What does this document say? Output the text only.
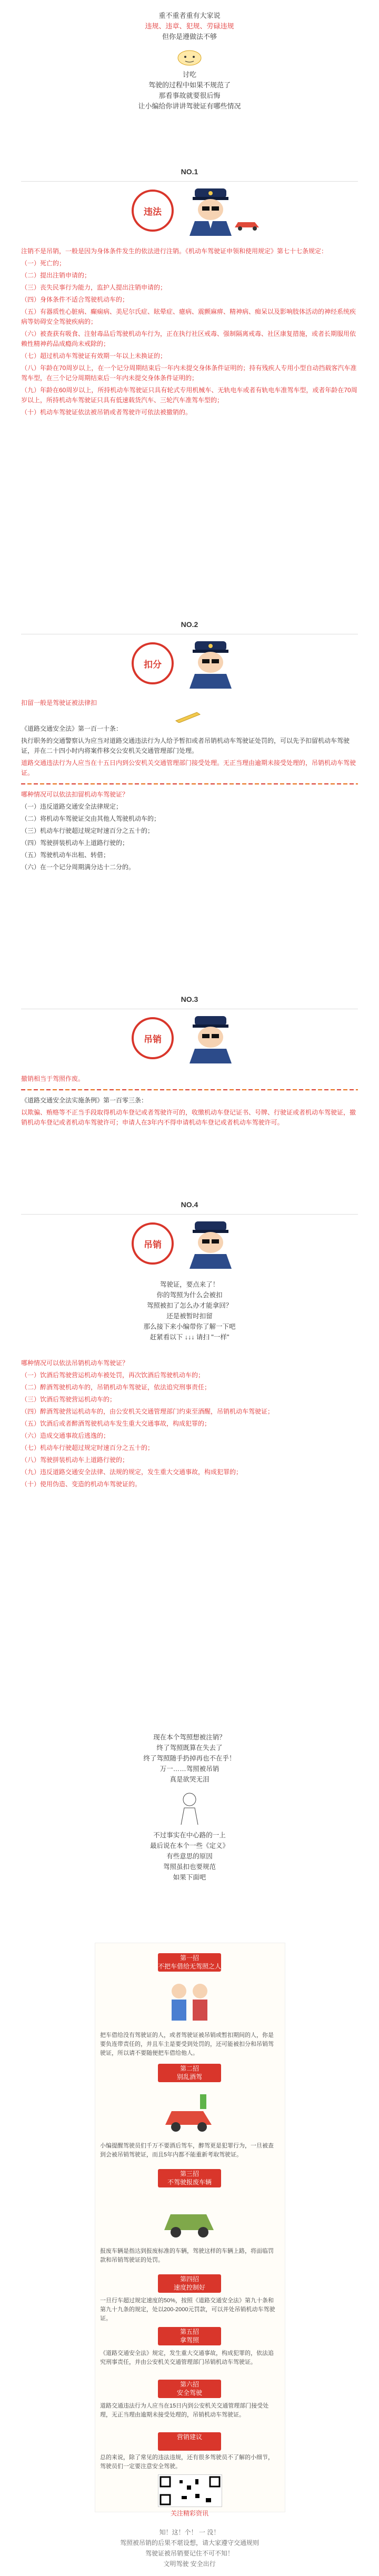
重不重者重有大家说
违规、违章、犯规、劳碌违规
但你是遵做法不够
讨吃
驾驶的过程中如果不规范了
那看事故就要很后悔
让小编给你讲讲驾驶证有哪些情况
NO.1
违法

注销不是吊销，一般是因为身体条件发生的依法进行注销。《机动车驾驶证申领和使用规定》第七十七条规定：

（一）死亡的；

（二）提出注销申请的；

（三）丧失民事行为能力，监护人提出注销申请的；

（四）身体条件不适合驾驶机动车的；

（五）有器质性心脏病、癫痫病、美尼尔氏症、眩晕症、癔病、震颤麻痹、精神病、痴呆以及影响肢体活动的神经系统疾病等妨碍安全驾驶疾病的；

（六）被查获有吸食、注射毒品后驾驶机动车行为，正在执行社区戒毒、强制隔离戒毒、社区康复措施，或者长期服用依赖性精神药品成瘾尚未戒除的；

（七）超过机动车驾驶证有效期一年以上未换证的；

（八）年龄在70周岁以上，在一个记分周期结束后一年内未提交身体条件证明的；持有残疾人专用小型自动挡载客汽车准驾车型，在三个记分周期结束后一年内未提交身体条件证明的；

（九）年龄在60周岁以上，所持机动车驾驶证只具有轮式专用机械车、无轨电车或者有轨电车准驾车型，或者年龄在70周岁以上，所持机动车驾驶证只具有低速载货汽车、三轮汽车准驾车型的；

（十）机动车驾驶证依法被吊销或者驾驶许可依法被撤销的。

NO.2
扣分

扣留一般是驾驶证被法律扣

《道路交通安全法》第一百一十条：

执行职务的交通警察认为应当对道路交通违法行为人给予暂扣或者吊销机动车驾驶证处罚的，可以先予扣留机动车驾驶证，并在二十四小时内将案件移交公安机关交通管理部门处理。

道路交通违法行为人应当在十五日内到公安机关交通管理部门接受处理。无正当理由逾期未接受处理的，吊销机动车驾驶证。

哪种情况可以依法扣留机动车驾驶证？

（一）违反道路交通安全法律规定；

（二）将机动车驾驶证交由其他人驾驶机动车的；

（三）机动车行驶超过规定时速百分之五十的；

（四）驾驶拼装机动车上道路行驶的；

（五）驾驶机动车出租、转借；

（六）在一个记分周期满分达十二分的。

NO.3
吊销

撤销相当于驾照作废。

《道路交通安全法实施条例》第一百零三条：

以欺骗、贿赂等不正当手段取得机动车登记或者驾驶许可的，收缴机动车登记证书、号牌、行驶证或者机动车驾驶证，撤销机动车登记或者机动车驾驶许可；申请人在3年内不得申请机动车登记或者机动车驾驶许可。

NO.4
吊销
驾驶证，要点来了！
你的驾照为什么会被扣
驾照被扣了怎么办才能拿回？
还是被暂时扣留
那么接下来小编带你了解一下吧
赶紧看以下 ↓↓↓ 请扫 "一样"

哪种情况可以依法吊销机动车驾驶证？

（一）饮酒后驾驶营运机动车被处罚，再次饮酒后驾驶机动车的；

（二）醉酒驾驶机动车的，吊销机动车驾驶证，依法追究刑事责任；

（三）饮酒后驾驶营运机动车的；

（四）醉酒驾驶营运机动车的，由公安机关交通管理部门约束至酒醒，吊销机动车驾驶证；

（五）饮酒后或者醉酒驾驶机动车发生重大交通事故，构成犯罪的；

（六）造成交通事故后逃逸的；

（七）机动车行驶超过规定时速百分之五十的；

（八）驾驶拼装机动车上道路行驶的；

（九）违反道路交通安全法律、法规的规定，发生重大交通事故，构成犯罪的；

（十）使用伪造、变造的机动车驾驶证的。

现在本个驾照想被注销？
终了驾照既算在失去了
终了驾照随手扔掉再也不在乎！
万一……驾照被吊销
真是欲哭无泪
不过事实在中心路的一上
最后说在本个一些《定义》
有些意思的原因
驾照虽扣也要规范
如果下面吧
第一招
不把车借给无驾照之人
把车借给没有驾驶证的人，或者驾驶证被吊销或暂扣期间的人，你是要负连带责任的，并且车主是要受到处罚的，还可能被扣分和吊销驾驶证，所以请不要随便把车借给他人。
第二招
别乱酒驾
小编提醒驾驶员们千万不要酒后驾车，醉驾更是犯罪行为，一旦被查到会被吊销驾驶证，而且5年内都不能重新考取驾驶证。
第三招
不驾驶报废车辆
报废车辆是指达到报废标准的车辆，驾驶这样的车辆上路，将面临罚款和吊销驾驶证的处罚。
第四招
速度控制好
一旦行车超过规定速度的50%，按照《道路交通安全法》第九十条和第九十九条的规定，处以200-2000元罚款，可以并处吊销机动车驾驶证。
第五招
拿驾照
《道路交通安全法》规定，发生重大交通事故，构成犯罪的，依法追究刑事责任，并由公安机关交通管理部门吊销机动车驾驶证。
第六招
安全驾驶
道路交通违法行为人应当在15日内到公安机关交通管理部门接受处理，无正当理由逾期未接受处理的，吊销机动车驾驶证。
营销建议
总的来说，除了常见的违法违规，还有很多驾驶员不了解的小细节，驾驶员们一定要注意安全驾驶。
关注精彩资讯
知！这！个！ 一 没！
驾照被吊销的后果不堪设想，请大家遵守交通规则
驾驶证被吊销要记住不可不知！
文明驾驶 安全出行
